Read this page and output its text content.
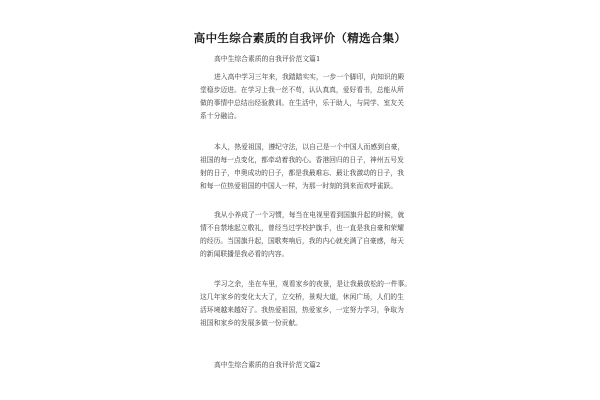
高中生综合素质的自我评价（精选合集）
高中生综合素质的自我评价范文篇1

进入高中学习三年来，我踏踏实实，一步一个脚印，向知识的殿
堂稳步迈进。在学习上我一丝不苟，认认真真，爱好看书，总能从所
做的事情中总结出经验教训。在生活中，乐于助人，与同学、室友关
系十分融洽。

本人，热爱祖国，遵纪守法，以自己是一个中国人而感到自豪，
祖国的每一点变化，都牵动着我的心。香港回归的日子，神州五号发
射的日子，申奥成功的日子，都是我最难忘、最让我激动的日子，我
和每一位热爱祖国的中国人一样，为那一时刻的到来而欢呼雀跃。

我从小养成了一个习惯，每当在电视里看到国旗升起的时候，就
情不自禁地起立敬礼，曾经当过学校护旗手，也一直是我自豪和荣耀
的经历。当国旗升起，国歌奏响后，我的内心就充满了自豪感，每天
的新闻联播是我必看的内容。

学习之余，坐在车里，观看家乡的夜景，是让我最放松的一件事。
这几年家乡的变化太大了，立交桥，景观大道，休闲广场，人们的生
活环境越来越好了。我热爱祖国，热爱家乡，一定努力学习，争取为
祖国和家乡的发展多做一份贡献。

高中生综合素质的自我评价范文篇2
